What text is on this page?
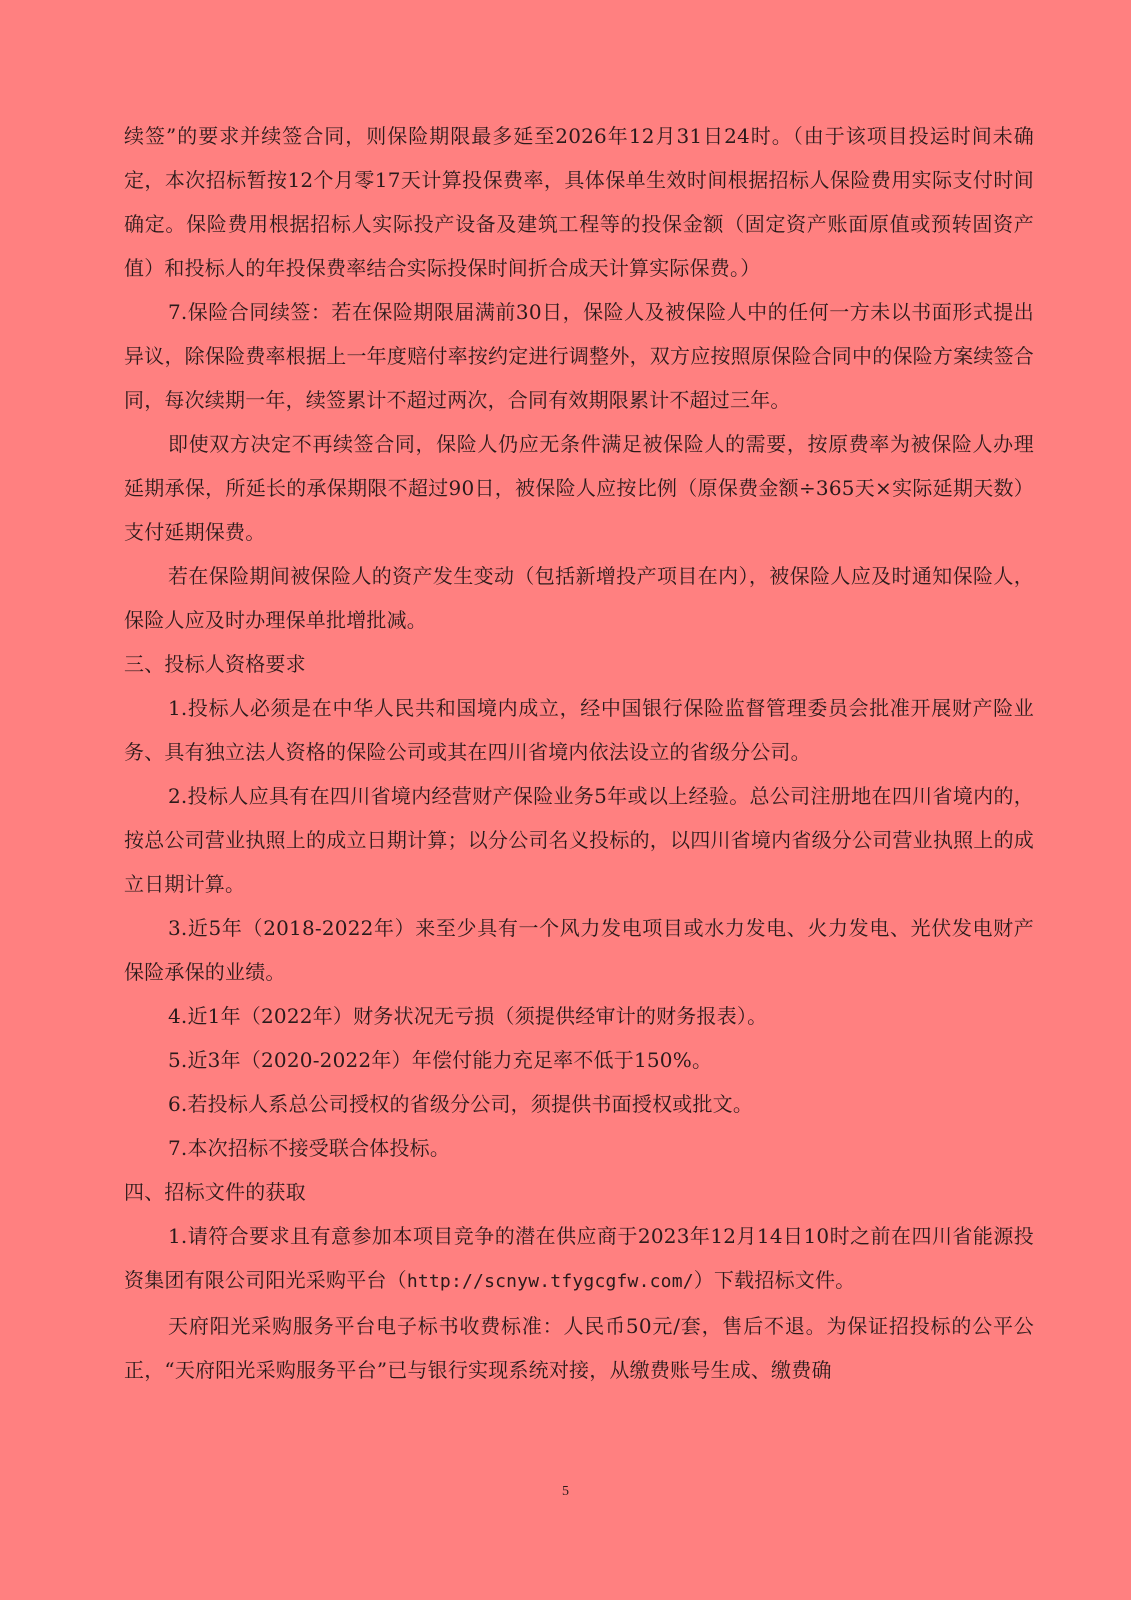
续签”的要求并续签合同，则保险期限最多延至2026年12月31日24时。（由于该项目投运时间未确定，本次招标暂按12个月零17天计算投保费率，具体保单生效时间根据招标人保险费用实际支付时间确定。保险费用根据招标人实际投产设备及建筑工程等的投保金额（固定资产账面原值或预转固资产值）和投标人的年投保费率结合实际投保时间折合成天计算实际保费。）

7.保险合同续签：若在保险期限届满前30日，保险人及被保险人中的任何一方未以书面形式提出异议，除保险费率根据上一年度赔付率按约定进行调整外，双方应按照原保险合同中的保险方案续签合同，每次续期一年，续签累计不超过两次，合同有效期限累计不超过三年。

即使双方决定不再续签合同，保险人仍应无条件满足被保险人的需要，按原费率为被保险人办理延期承保，所延长的承保期限不超过90日，被保险人应按比例（原保费金额÷365天×实际延期天数）支付延期保费。

若在保险期间被保险人的资产发生变动（包括新增投产项目在内），被保险人应及时通知保险人，保险人应及时办理保单批增批减。

三、投标人资格要求

1.投标人必须是在中华人民共和国境内成立，经中国银行保险监督管理委员会批准开展财产险业务、具有独立法人资格的保险公司或其在四川省境内依法设立的省级分公司。

2.投标人应具有在四川省境内经营财产保险业务5年或以上经验。总公司注册地在四川省境内的，按总公司营业执照上的成立日期计算；以分公司名义投标的，以四川省境内省级分公司营业执照上的成立日期计算。

3.近5年（2018-2022年）来至少具有一个风力发电项目或水力发电、火力发电、光伏发电财产保险承保的业绩。

4.近1年（2022年）财务状况无亏损（须提供经审计的财务报表）。

5.近3年（2020-2022年）年偿付能力充足率不低于150%。

6.若投标人系总公司授权的省级分公司，须提供书面授权或批文。

7.本次招标不接受联合体投标。

四、招标文件的获取

1.请符合要求且有意参加本项目竞争的潜在供应商于2023年12月14日10时之前在四川省能源投资集团有限公司阳光采购平台（http://scnyw.tfygcgfw.com/）下载招标文件。

天府阳光采购服务平台电子标书收费标准：人民币50元/套，售后不退。为保证招投标的公平公正，“天府阳光采购服务平台”已与银行实现系统对接，从缴费账号生成、缴费确

5
